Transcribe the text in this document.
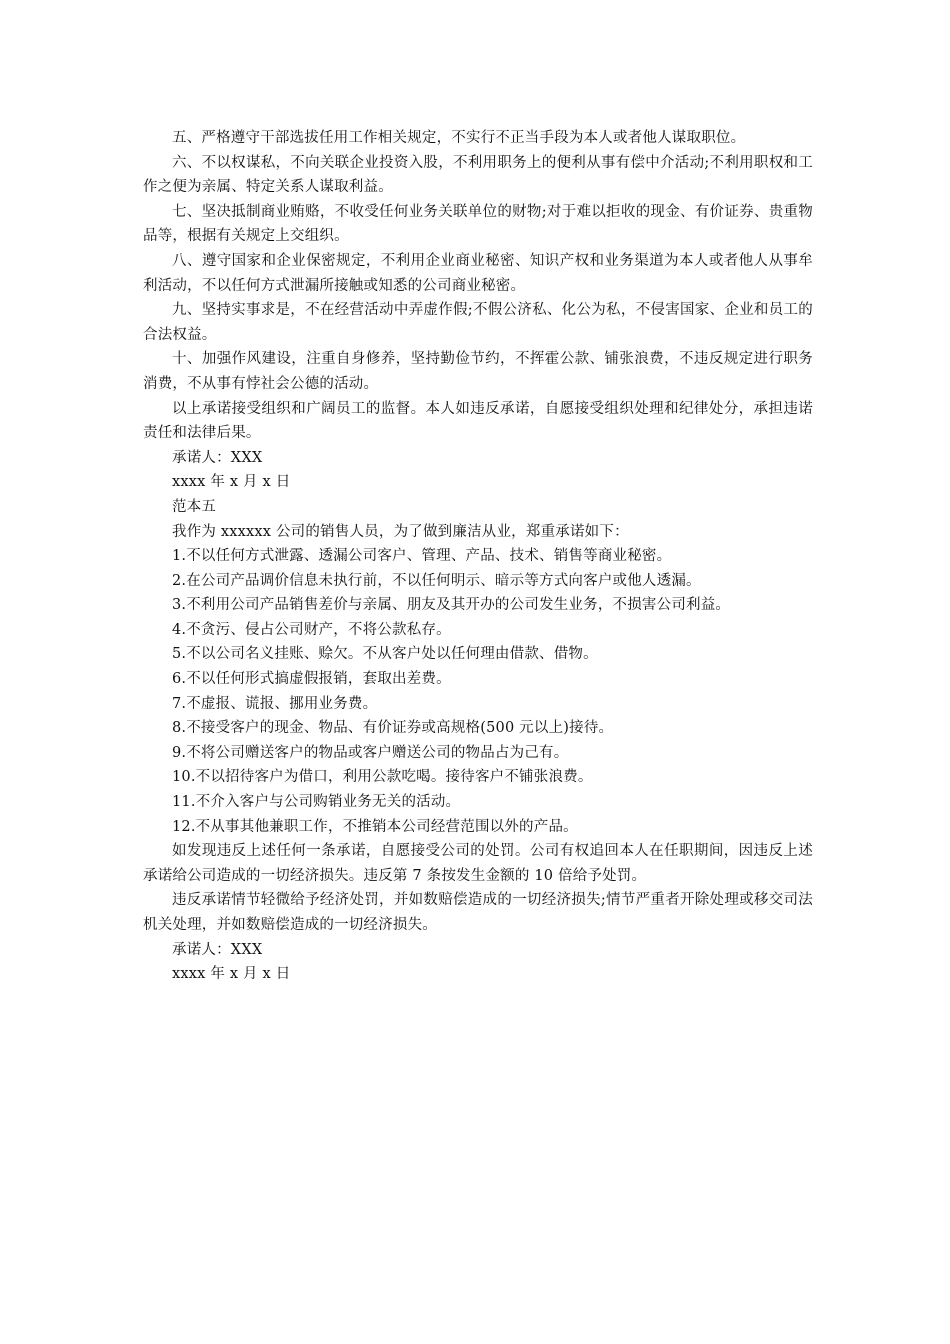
五、严格遵守干部选拔任用工作相关规定，不实行不正当手段为本人或者他人谋取职位。

六、不以权谋私，不向关联企业投资入股，不利用职务上的便利从事有偿中介活动;不利用职权和工作之便为亲属、特定关系人谋取利益。

七、坚决抵制商业贿赂，不收受任何业务关联单位的财物;对于难以拒收的现金、有价证券、贵重物品等，根据有关规定上交组织。

八、遵守国家和企业保密规定，不利用企业商业秘密、知识产权和业务渠道为本人或者他人从事牟利活动，不以任何方式泄漏所接触或知悉的公司商业秘密。

九、坚持实事求是，不在经营活动中弄虚作假;不假公济私、化公为私，不侵害国家、企业和员工的合法权益。

十、加强作风建设，注重自身修养，坚持勤俭节约，不挥霍公款、铺张浪费，不违反规定进行职务消费，不从事有悖社会公德的活动。

以上承诺接受组织和广阔员工的监督。本人如违反承诺，自愿接受组织处理和纪律处分，承担违诺责任和法律后果。

承诺人：XXX

xxxx 年 x 月 x 日

范本五

我作为 xxxxxx 公司的销售人员，为了做到廉洁从业，郑重承诺如下：

1.不以任何方式泄露、透漏公司客户、管理、产品、技术、销售等商业秘密。

2.在公司产品调价信息未执行前，不以任何明示、暗示等方式向客户或他人透漏。

3.不利用公司产品销售差价与亲属、朋友及其开办的公司发生业务，不损害公司利益。

4.不贪污、侵占公司财产，不将公款私存。

5.不以公司名义挂账、赊欠。不从客户处以任何理由借款、借物。

6.不以任何形式搞虚假报销，套取出差费。

7.不虚报、谎报、挪用业务费。

8.不接受客户的现金、物品、有价证券或高规格(500 元以上)接待。

9.不将公司赠送客户的物品或客户赠送公司的物品占为己有。

10.不以招待客户为借口，利用公款吃喝。接待客户不铺张浪费。

11.不介入客户与公司购销业务无关的活动。

12.不从事其他兼职工作，不推销本公司经营范围以外的产品。

如发现违反上述任何一条承诺，自愿接受公司的处罚。公司有权追回本人在任职期间，因违反上述承诺给公司造成的一切经济损失。违反第 7 条按发生金额的 10 倍给予处罚。

违反承诺情节轻微给予经济处罚，并如数赔偿造成的一切经济损失;情节严重者开除处理或移交司法机关处理，并如数赔偿造成的一切经济损失。

承诺人：XXX

xxxx 年 x 月 x 日
